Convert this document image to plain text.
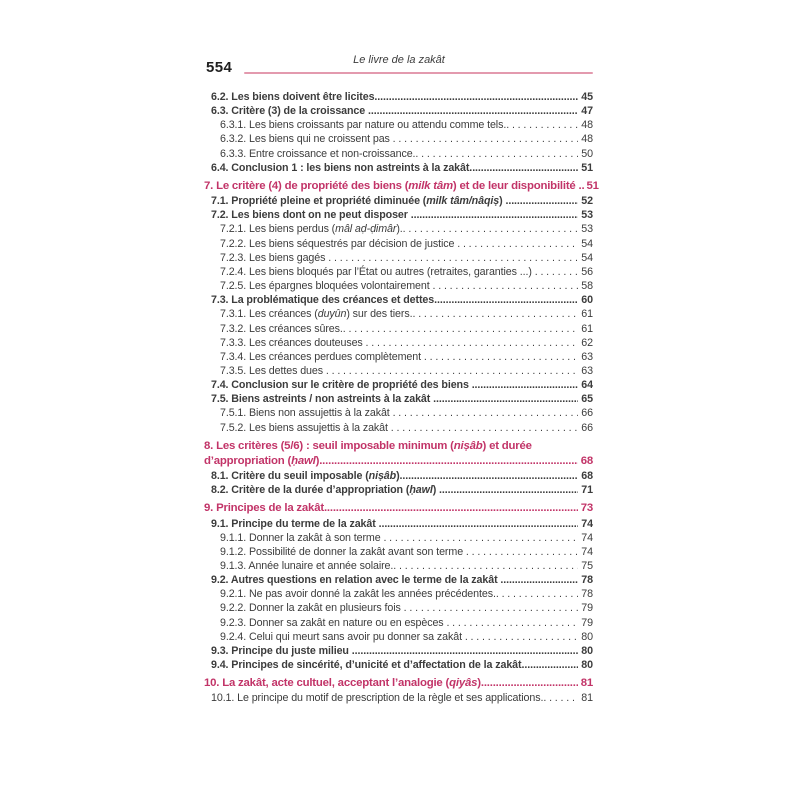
Le livre de la zakât
554
6.2. Les biens doivent être licites. .....	45
6.3. Critère (3) de la croissance .....	47
6.3.1. Les biens croissants par nature ou attendu comme tels. . . .	48
6.3.2. Les biens qui ne croissent pas . . .	48
6.3.3. Entre croissance et non-croissance. . . .	50
6.4. Conclusion 1 : les biens non astreints à la zakât. .....	51
7. Le critère (4) de propriété des biens (milk tâm) et de leur disponibilité ..... 51
7.1. Propriété pleine et propriété diminuée (milk tâm/nâqiṣ) .....	52
7.2. Les biens dont on ne peut disposer .....	53
7.2.1. Les biens perdus (mâl aḍ-ḍimâr). . . .	53
7.2.2. Les biens séquestrés par décision de justice . . .	54
7.2.3. Les biens gagés . . .	54
7.2.4. Les biens bloqués par l’État ou autres (retraites, garanties ...) . . .	56
7.2.5. Les épargnes bloquées volontairement . . .	58
7.3. La problématique des créances et dettes .....	60
7.3.1. Les créances (duyûn) sur des tiers. . . .	61
7.3.2. Les créances sûres. . . .	61
7.3.3. Les créances douteuses . . .	62
7.3.4. Les créances perdues complètement . . .	63
7.3.5. Les dettes dues . . .	63
7.4. Conclusion sur le critère de propriété des biens .....	64
7.5. Biens astreints / non astreints à la zakât .....	65
7.5.1. Biens non assujettis à la zakât . . .	66
7.5.2. Les biens assujettis à la zakât . . .	66
8. Les critères (5/6) : seuil imposable minimum (niṣâb) et durée
d’appropriation (ḥawl) .....	68
8.1. Critère du seuil imposable (niṣâb). .....	68
8.2. Critère de la durée d’appropriation (ḥawl) .....	71
9. Principes de la zakât .....	73
9.1. Principe du terme de la zakât .....	74
9.1.1. Donner la zakât à son terme . . .	74
9.1.2. Possibilité de donner la zakât avant son terme . . .	74
9.1.3. Année lunaire et année solaire. . . .	75
9.2. Autres questions en relation avec le terme de la zakât .....	78
9.2.1. Ne pas avoir donné la zakât les années précédentes. . . .	78
9.2.2. Donner la zakât en plusieurs fois . . .	79
9.2.3. Donner sa zakât en nature ou en espèces . . .	79
9.2.4. Celui qui meurt sans avoir pu donner sa zakât . . .	80
9.3. Principe du juste milieu .....	80
9.4. Principes de sincérité, d’unicité et d’affectation de la zakât .....	80
10. La zakât, acte cultuel, acceptant l’analogie (qiyâs) .....	81
10.1. Le principe du motif de prescription de la règle et ses applications. . . .	81
